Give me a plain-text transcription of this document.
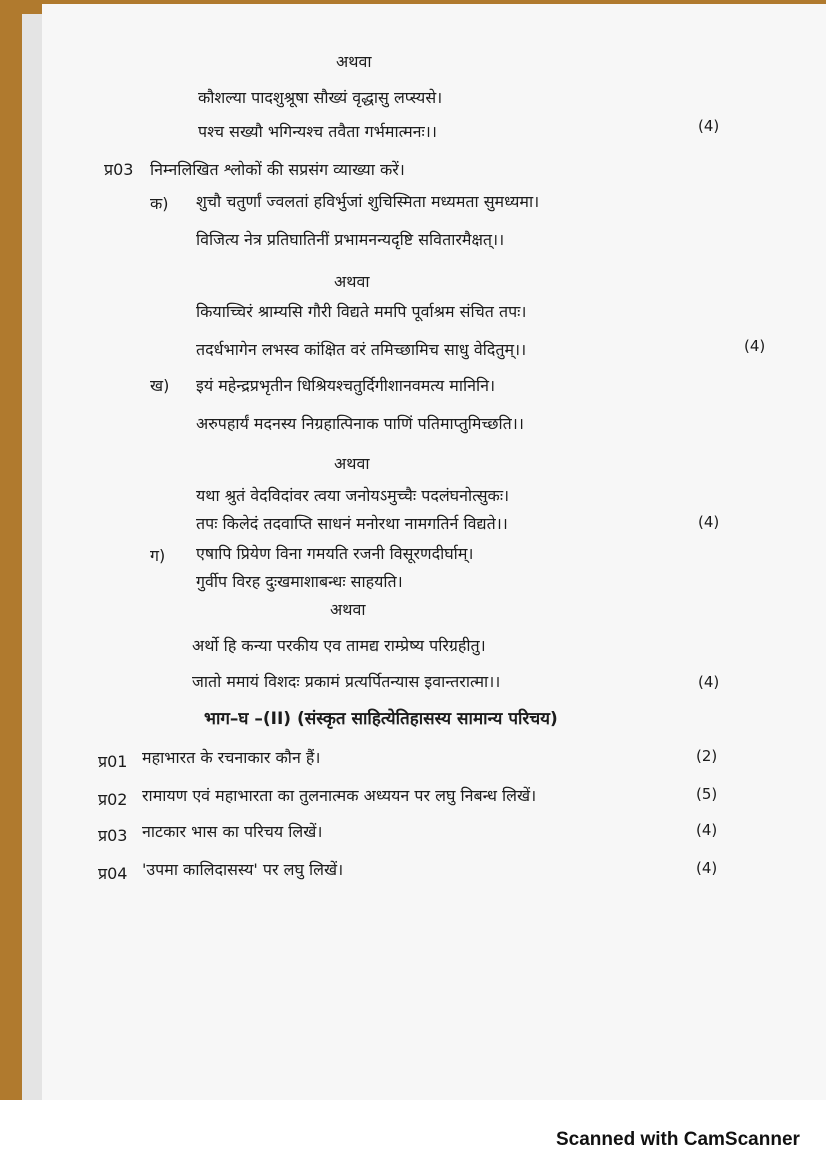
अथवा
कौशल्या पादशुश्रूषा सौख्यं वृद्धासु लप्स्यसे।
पश्च सख्यौ भगिन्यश्च तवैता गर्भमात्मनः।।	(4)
प्र03 निम्नलिखित श्लोकों की सप्रसंग व्याख्या करें।
क) शुचौ चतुर्णां ज्वलतां हविर्भुजां शुचिस्मिता मध्यमता सुमध्यमा।
विजित्य नेत्र प्रतिघातिनीं प्रभामनन्यदृष्टि सवितारमैक्षत्।।
अथवा
कियाच्चिरं श्राम्यसि गौरी विद्यते ममपि पूर्वाश्रम संचित तपः।
तदर्धभागेन लभस्व कांक्षित वरं तमिच्छामिच साधु वेदितुम्।।	(4)
ख) इयं महेन्द्रप्रभृतीन धिश्रियश्चतुर्दिगीशानवमत्य मानिनि।
अरुपहार्यं मदनस्य निग्रहात्पिनाक पाणिं पतिमाप्तुमिच्छति।।
अथवा
यथा श्रुतं वेदविदांवर त्वया जनोयऽमुच्चैः पदलंघनोत्सुकः।
तपः किलेदं तदवाप्ति साधनं मनोरथा नामगतिर्न विद्यते।।	(4)
ग) एषापि प्रियेण विना गमयति रजनी विसूरणदीर्घाम्।
गुर्वीप विरह दुःखमाशाबन्धः साहयति।
अथवा
अर्थो हि कन्या परकीय एव तामद्य राम्प्रेष्य परिग्रहीतु।
जातो ममायं विशदः प्रकामं प्रत्यर्पितन्यास इवान्तरात्मा।।	(4)
भाग–घ –(II) (संस्कृत साहित्येतिहासस्य सामान्य परिचय)
प्र01 महाभारत के रचनाकार कौन हैं।	(2)
प्र02 रामायण एवं महाभारता का तुलनात्मक अध्ययन पर लघु निबन्ध लिखें।	(5)
प्र03 नाटकार भास का परिचय लिखें।	(4)
प्र04 'उपमा कालिदासस्य' पर लघु लिखें।	(4)
Scanned with CamScanner
